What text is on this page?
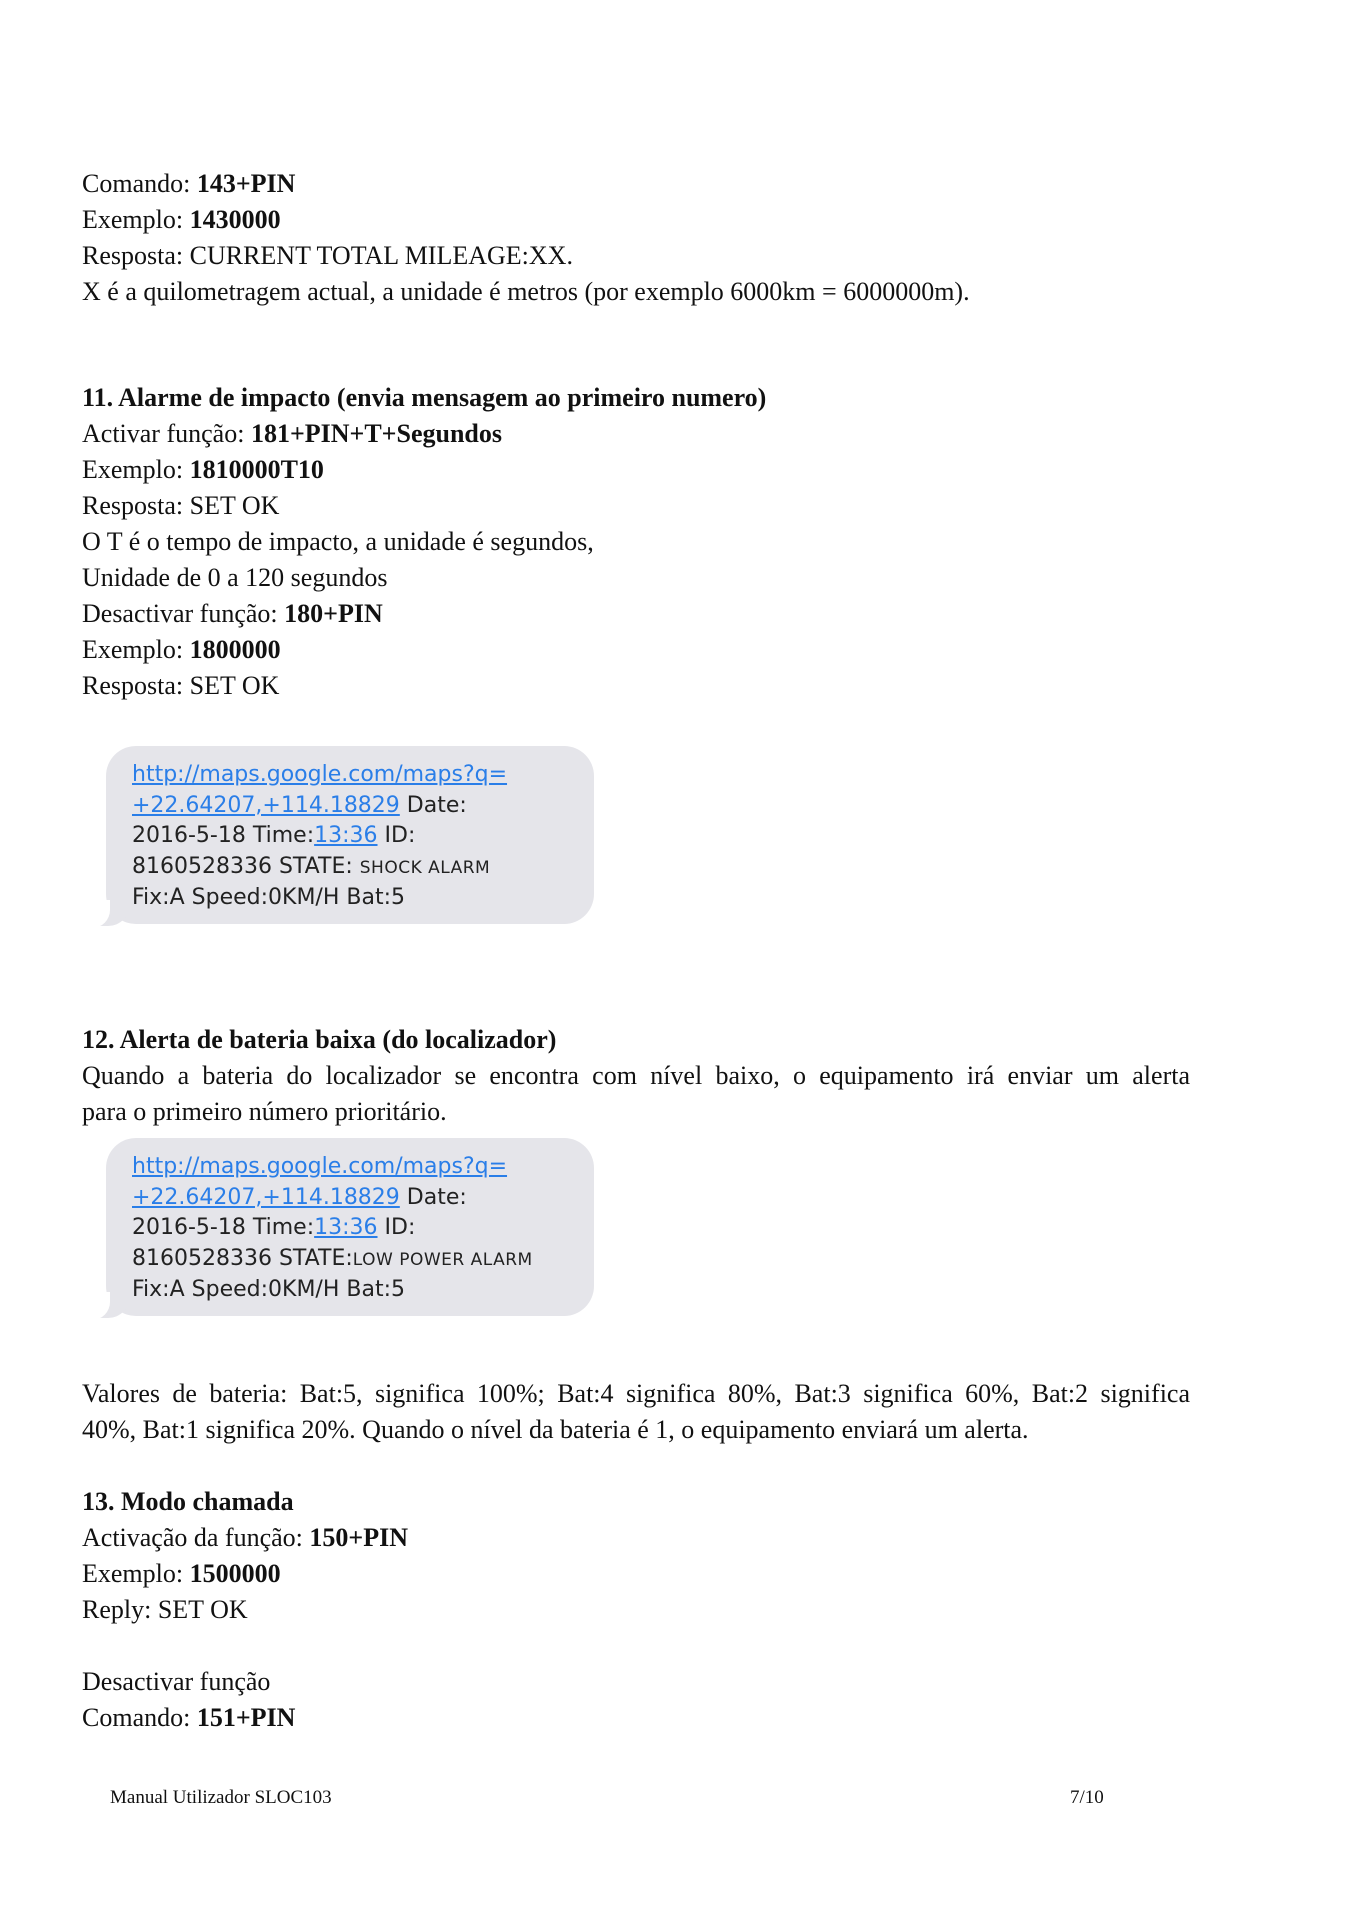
Comando: 143+PIN

Exemplo: 1430000

Resposta: CURRENT TOTAL MILEAGE:XX.

X é a quilometragem actual, a unidade é metros (por exemplo 6000km = 6000000m).

11. Alarme de impacto (envia mensagem ao primeiro numero)

Activar função: 181+PIN+T+Segundos

Exemplo: 1810000T10

Resposta: SET OK

O T é o tempo de impacto, a unidade é segundos,

Unidade de 0 a 120 segundos

Desactivar função: 180+PIN

Exemplo: 1800000

Resposta: SET OK

http://maps.google.com/maps?q=
+22.64207,+114.18829 Date:
2016-5-18 Time:13:36 ID:
8160528336 STATE: SHOCK ALARM
Fix:A Speed:0KM/H Bat:5

12. Alerta de bateria baixa (do localizador)

Quando a bateria do localizador se encontra com nível baixo, o equipamento irá enviar um alerta
para o primeiro número prioritário.
http://maps.google.com/maps?q=
+22.64207,+114.18829 Date:
2016-5-18 Time:13:36 ID:
8160528336 STATE:LOW POWER ALARM
Fix:A Speed:0KM/H Bat:5
Valores de bateria: Bat:5, significa 100%; Bat:4 significa 80%, Bat:3 significa 60%, Bat:2 significa
40%, Bat:1 significa 20%. Quando o nível da bateria é 1, o equipamento enviará um alerta.

13. Modo chamada

Activação da função: 150+PIN

Exemplo: 1500000

Reply: SET OK

Desactivar função

Comando: 151+PIN

Manual Utilizador SLOC103	7/10
